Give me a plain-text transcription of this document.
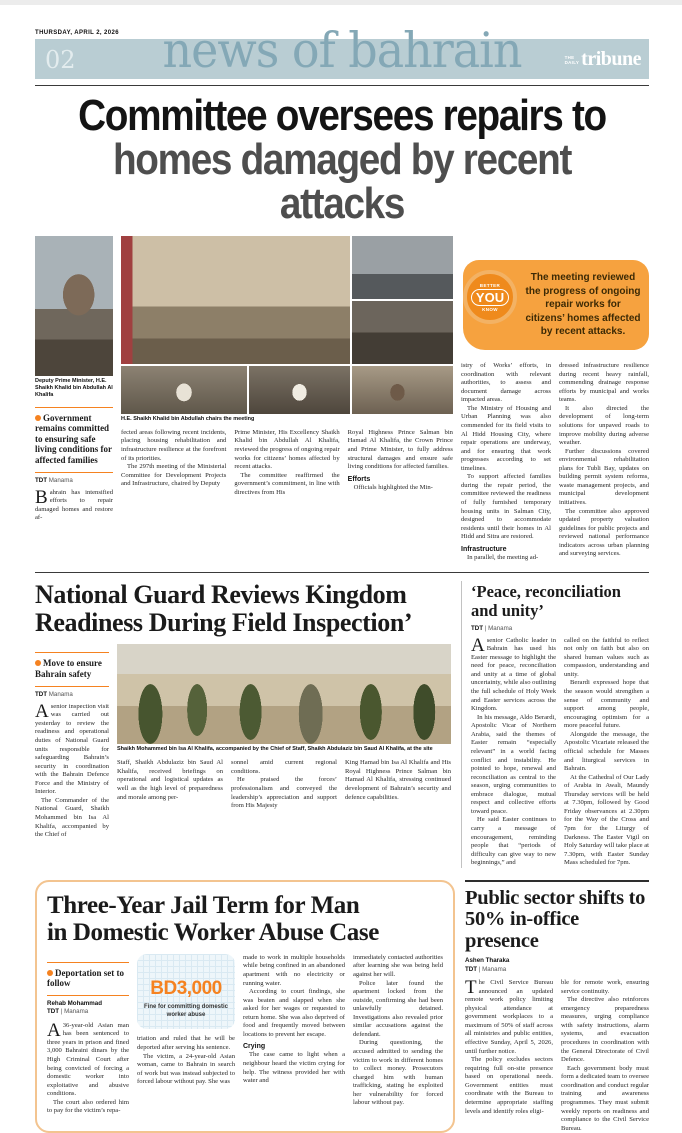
THURSDAY, APRIL 2, 2026
02 news of bahrain	THE
DAILY tribune
Committee oversees repairs to
homes damaged by recent attacks
Deputy Prime Minister, H.E. Shaikh Khalid bin Abdullah Al Khalifa
Government remains committed to ensuring safe living conditions for affected families
TDT Manama

Bahrain has intensified efforts to repair damaged homes and restore af-

H.E. Shaikh Khalid bin Abdullah chairs the meeting

fected areas following recent incidents, placing housing rehabilitation and infrastructure resilience at the forefront of its priorities.

The 297th meeting of the Ministerial Committee for Development Projects and Infrastructure, chaired by Deputy

Prime Minister, His Excellency Shaikh Khalid bin Abdullah Al Khalifa, reviewed the progress of ongoing repair works for citizens’ homes affected by recent attacks.

The committee reaffirmed the government’s commitment, in line with directives from His

Royal Highness Prince Salman bin Hamad Al Khalifa, the Crown Prince and Prime Minister, to fully address structural damages and ensure safe living conditions for affected families.

Efforts

Officials highlighted the Min-

BETTER
YOU
KNOW
The meeting reviewed the progress of ongoing repair works for citizens’ homes affected by recent attacks.

istry of Works’ efforts, in coordination with relevant authorities, to assess and document damage across impacted areas.

The Ministry of Housing and Urban Planning was also commended for its field visits to Al Hidd Housing City, where repair operations are underway, and for ensuring that work progresses according to set timelines.

To support affected families during the repair period, the committee reviewed the readiness of fully furnished temporary housing units in Salman City, designed to accommodate residents until their homes in Al Hidd and Sitra are restored.

Infrastructure

In parallel, the meeting ad-

dressed infrastructure resilience during recent heavy rainfall, commending drainage response efforts by municipal and works teams.

It also directed the development of long-term solutions for unpaved roads to improve mobility during adverse weather.

Further discussions covered environmental rehabilitation plans for Tubli Bay, updates on building permit system reforms, waste management projects, and municipal development initiatives.

The committee also approved updated property valuation guidelines for public projects and reviewed national performance indicators across urban planning and surveying services.

National Guard Reviews Kingdom
Readiness During Field Inspection’
Move to ensure Bahrain safety
TDT Manama

Asenior inspection visit was carried out yesterday to review the readiness and operational duties of National Guard units responsible for safeguarding Bahrain’s security in coordination with the Bahrain Defence Force and the Ministry of Interior.

The Commander of the National Guard, Shaikh Mohammed bin Isa Al Khalifa, accompanied by the Chief of

Shaikh Mohammed bin Isa Al Khalifa, accompanied by the Chief of Staff, Shaikh Abdulaziz bin Saud Al Khalifa, at the site

Staff, Shaikh Abdulaziz bin Saud Al Khalifa, received briefings on operational and logistical updates as well as the high level of preparedness and morale among per-

sonnel amid current regional conditions.

He praised the forces’ professionalism and conveyed the leadership’s appreciation and support from His Majesty

King Hamad bin Isa Al Khalifa and His Royal Highness Prince Salman bin Hamad Al Khalifa, stressing continued development of Bahrain’s security and defence capabilities.

‘Peace, reconciliation and unity’
TDT | Manama

Asenior Catholic leader in Bahrain has used his Easter message to highlight the need for peace, reconciliation and unity at a time of global uncertainty, while also outlining the full schedule of Holy Week and Easter services across the Kingdom.

In his message, Aldo Berardi, Apostolic Vicar of Northern Arabia, said the themes of Easter remain “especially relevant” in a world facing conflict and instability. He pointed to hope, renewal and reconciliation as central to the season, urging communities to embrace dialogue, mutual respect and collective efforts toward peace.

He said Easter continues to carry a message of encouragement, reminding people that “periods of difficulty can give way to new beginnings,” and

called on the faithful to reflect not only on faith but also on shared human values such as compassion, understanding and unity.

Berardi expressed hope that the season would strengthen a sense of community and support among people, encouraging optimism for a more peaceful future.

Alongside the message, the Apostolic Vicariate released the official schedule for Masses and liturgical services in Bahrain.

At the Cathedral of Our Lady of Arabia in Awali, Maundy Thursday services will be held at 7.30pm, followed by Good Friday observances at 2.30pm for the Way of the Cross and 7pm for the Liturgy of Darkness. The Easter Vigil on Holy Saturday will take place at 7.30pm, with Easter Sunday Mass scheduled for 7pm.

Three-Year Jail Term for Man
in Domestic Worker Abuse Case
Deportation set to follow
Rehab Mohammad
TDT | Manama

A36-year-old Asian man has been sentenced to three years in prison and fined 3,000 Bahraini dinars by the High Criminal Court after being convicted of forcing a domestic worker into exploitative and abusive conditions.

The court also ordered him to pay for the victim’s repa-

BD3,000
Fine for committing domestic worker abuse

triation and ruled that he will be deported after serving his sentence.

The victim, a 24-year-old Asian woman, came to Bahrain in search of work but was instead subjected to forced labour without pay. She was

made to work in multiple households while being confined in an abandoned apartment with no electricity or running water.

According to court findings, she was beaten and slapped when she asked for her wages or requested to return home. She was also deprived of food and frequently moved between locations to prevent her escape.

Crying

The case came to light when a neighbour heard the victim crying for help. The witness provided her with water and

immediately contacted authorities after learning she was being held against her will.

Police later found the apartment locked from the outside, confirming she had been unlawfully detained. Investigations also revealed prior similar accusations against the defendant.

During questioning, the accused admitted to sending the victim to work in different homes to collect money. Prosecutors charged him with human trafficking, stating he exploited her vulnerability for forced labour without pay.

Public sector shifts to
50% in-office presence
Ashen Tharaka
TDT | Manama

The Civil Service Bureau announced an updated remote work policy limiting physical attendance at government workplaces to a maximum of 50% of staff across all ministries and public entities, effective Sunday, April 5, 2026, until further notice.

The policy excludes sectors requiring full on-site presence based on operational needs. Government entities must coordinate with the Bureau to determine appropriate staffing levels and identify roles eligi-

ble for remote work, ensuring service continuity.

The directive also reinforces emergency preparedness measures, urging compliance with safety instructions, alarm systems, and evacuation procedures in coordination with the General Directorate of Civil Defence.

Each government body must form a dedicated team to oversee coordination and conduct regular training and awareness programmes. They must submit weekly reports on readiness and compliance to the Civil Service Bureau.
